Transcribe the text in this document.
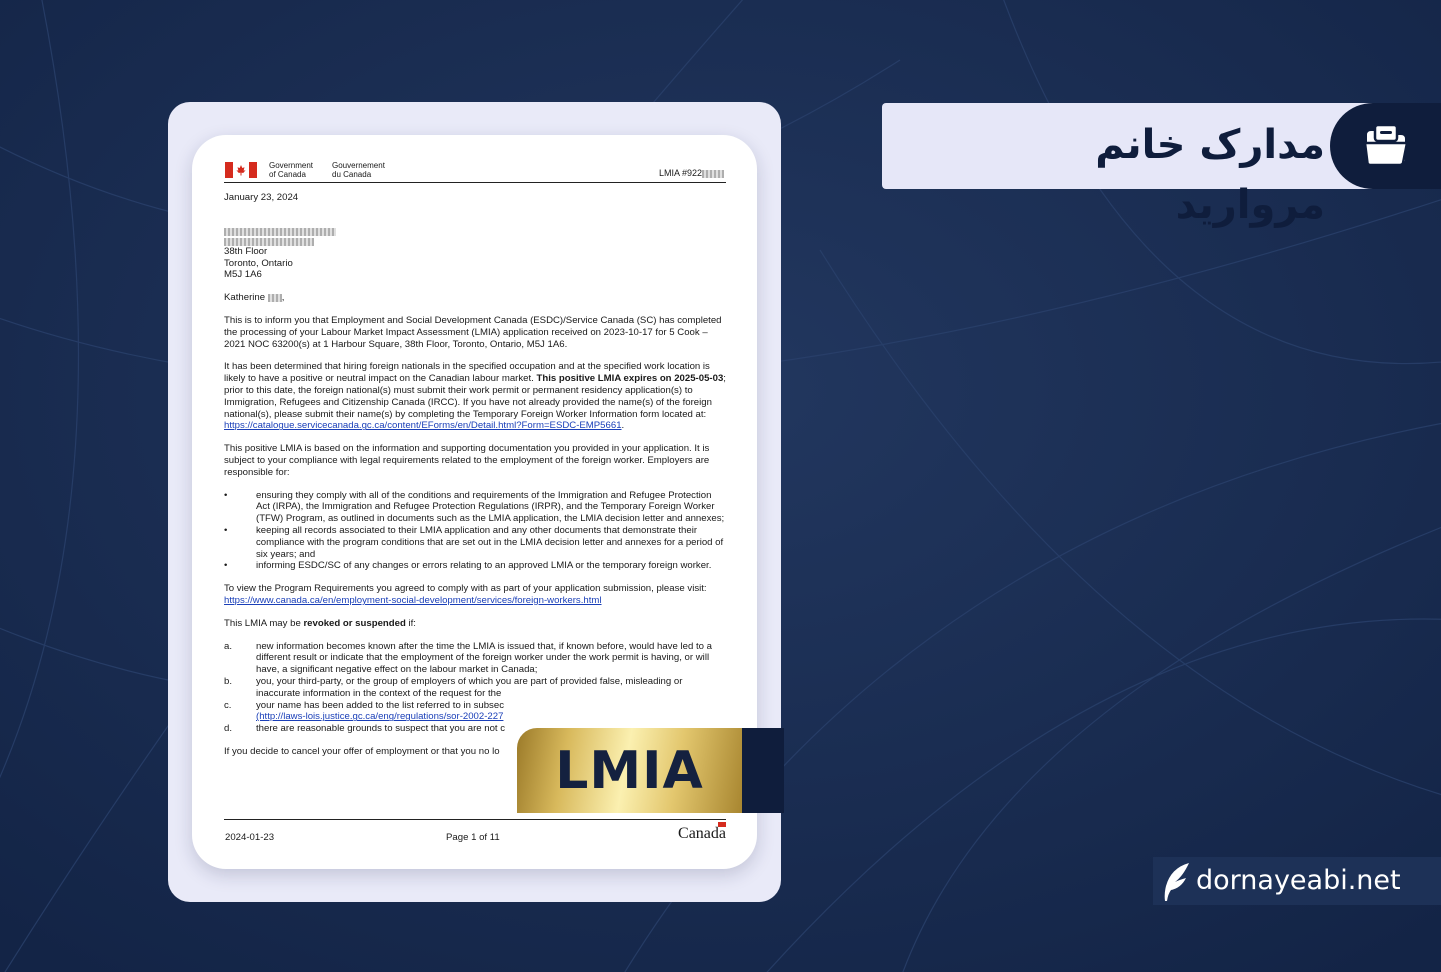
Government
of Canada
Gouvernement
du Canada	LMIA #922
January 23, 2024
38th Floor
Toronto, Ontario
M5J 1A6
Katherine ,
This is to inform you that Employment and Social Development Canada (ESDC)/Service Canada (SC) has completed the processing of your Labour Market Impact Assessment (LMIA) application received on 2023-10-17 for 5 Cook – 2021 NOC 63200(s) at 1 Harbour Square, 38th Floor, Toronto, Ontario, M5J 1A6.
It has been determined that hiring foreign nationals in the specified occupation and at the specified work location is likely to have a positive or neutral impact on the Canadian labour market. This positive LMIA expires on 2025-05-03; prior to this date, the foreign national(s) must submit their work permit or permanent residency application(s) to Immigration, Refugees and Citizenship Canada (IRCC). If you have not already provided the name(s) of the foreign national(s), please submit their name(s) by completing the Temporary Foreign Worker Information form located at: https://catalogue.servicecanada.gc.ca/content/EForms/en/Detail.html?Form=ESDC-EMP5661.
This positive LMIA is based on the information and supporting documentation you provided in your application. It is subject to your compliance with legal requirements related to the employment of the foreign worker. Employers are responsible for:
•	ensuring they comply with all of the conditions and requirements of the Immigration and Refugee Protection Act (IRPA), the Immigration and Refugee Protection Regulations (IRPR), and the Temporary Foreign Worker (TFW) Program, as outlined in documents such as the LMIA application, the LMIA decision letter and annexes;
•	keeping all records associated to their LMIA application and any other documents that demonstrate their compliance with the program conditions that are set out in the LMIA decision letter and annexes for a period of six years; and
•	informing ESDC/SC of any changes or errors relating to an approved LMIA or the temporary foreign worker.
To view the Program Requirements you agreed to comply with as part of your application submission, please visit: https://www.canada.ca/en/employment-social-development/services/foreign-workers.html
This LMIA may be revoked or suspended if:
a. new information becomes known after the time the LMIA is issued that, if known before, would have led to a different result or indicate that the employment of the foreign worker under the work permit is having, or will have, a significant negative effect on the labour market in Canada;
b. you, your third-party, or the group of employers of which you are part of provided false, misleading or inaccurate information in the context of the request for the
c.	your name has been added to the list referred to in subsec
(http://laws-lois.justice.gc.ca/eng/regulations/sor-2002-227
d. there are reasonable grounds to suspect that you are not c
If you decide to cancel your offer of employment or that you no lo
2024-01-23	Page 1 of 11	Canada
LMIA
مدارک خانم مروارید
dornayeabi.net
